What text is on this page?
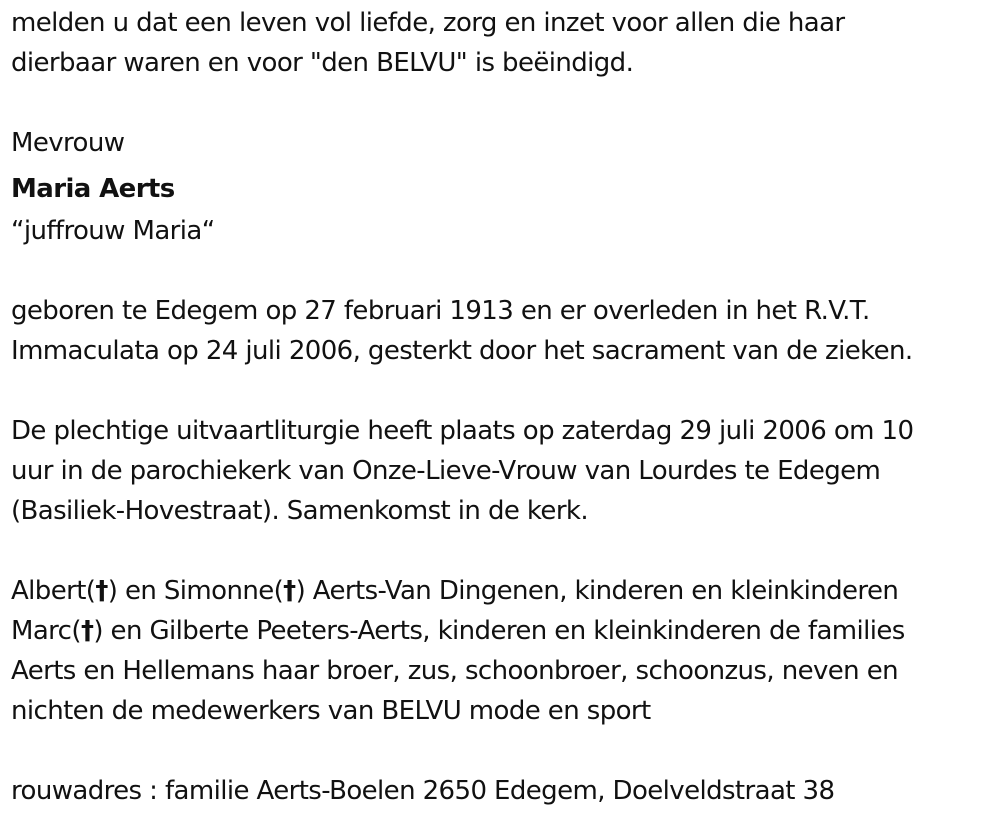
melden u dat een leven vol liefde, zorg en inzet voor allen die haar
dierbaar waren en voor "den BELVU" is beëindigd.

Mevrouw

Maria Aerts

“juffrouw Maria“

geboren te Edegem op 27 februari 1913 en er overleden in het R.V.T.
Immaculata op 24 juli 2006, gesterkt door het sacrament van de zieken.

De plechtige uitvaartliturgie heeft plaats op zaterdag 29 juli 2006 om 10
uur in de parochiekerk van Onze-Lieve-Vrouw van Lourdes te Edegem
(Basiliek-Hovestraat). Samenkomst in de kerk.

Albert(†) en Simonne(†) Aerts-Van Dingenen, kinderen en kleinkinderen
Marc(†) en Gilberte Peeters-Aerts, kinderen en kleinkinderen de families
Aerts en Hellemans haar broer, zus, schoonbroer, schoonzus, neven en
nichten de medewerkers van BELVU mode en sport

rouwadres : familie Aerts-Boelen 2650 Edegem, Doelveldstraat 38
